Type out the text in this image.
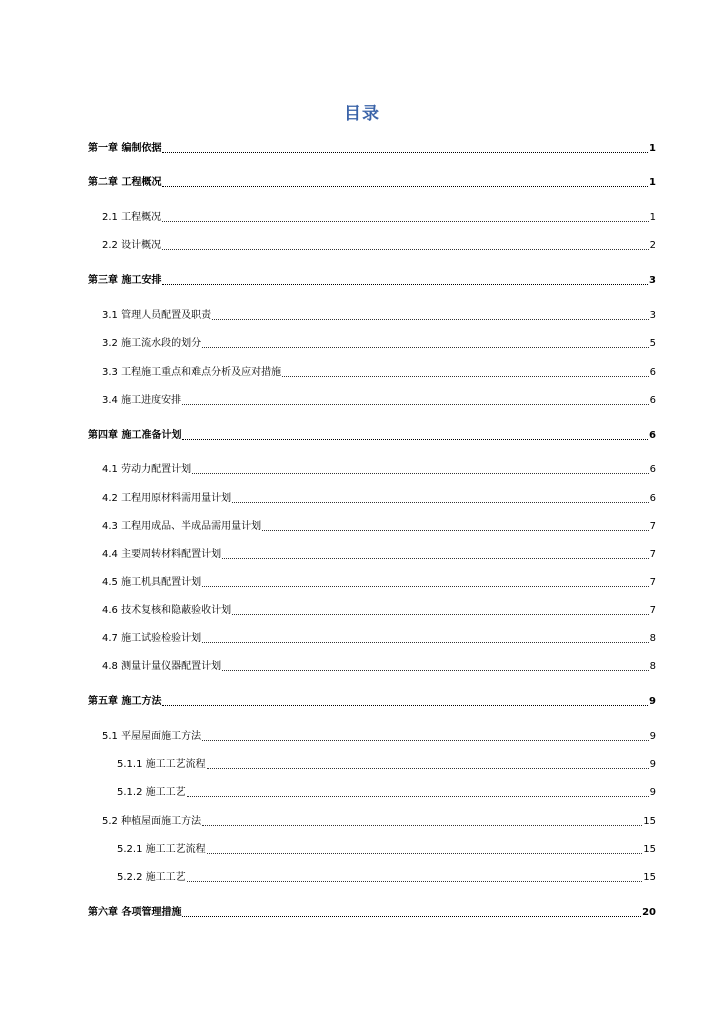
目录
第一章 编制依据	1
第二章 工程概况	1
2.1 工程概况	1
2.2 设计概况	2
第三章 施工安排	3
3.1 管理人员配置及职责	3
3.2 施工流水段的划分	5
3.3 工程施工重点和难点分析及应对措施	6
3.4 施工进度安排	6
第四章 施工准备计划	6
4.1 劳动力配置计划	6
4.2 工程用原材料需用量计划	6
4.3 工程用成品、半成品需用量计划	7
4.4 主要周转材料配置计划	7
4.5 施工机具配置计划	7
4.6 技术复核和隐蔽验收计划	7
4.7 施工试验检验计划	8
4.8 测量计量仪器配置计划	8
第五章 施工方法	9
5.1 平屋屋面施工方法	9
5.1.1 施工工艺流程	9
5.1.2 施工工艺	9
5.2 种植屋面施工方法	15
5.2.1 施工工艺流程	15
5.2.2 施工工艺	15
第六章 各项管理措施	20
